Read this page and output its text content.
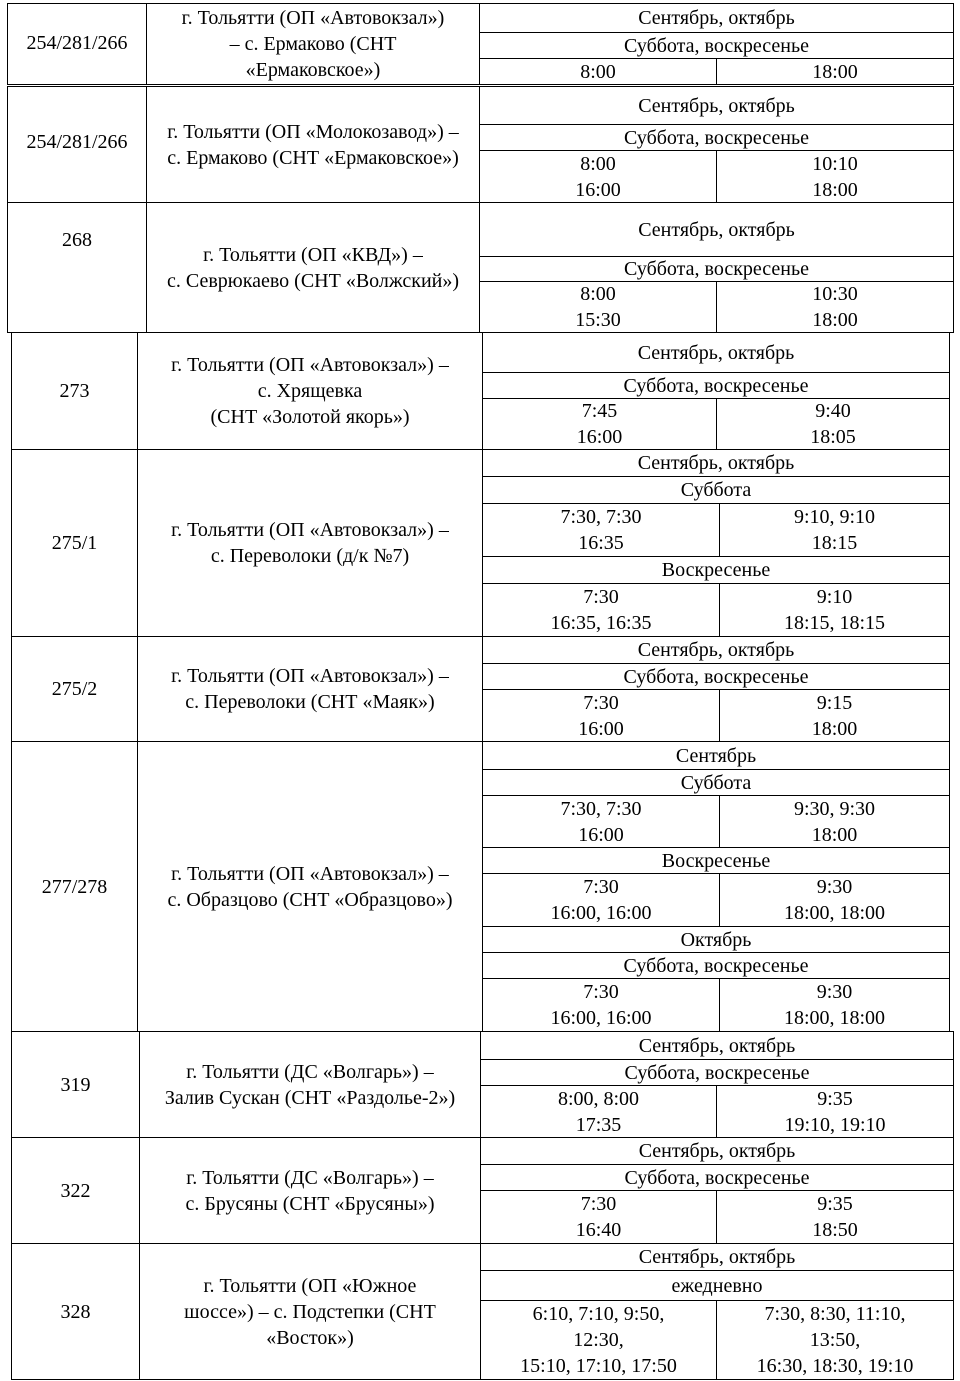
254/281/266
г. Тольятти (ОП «Автовокзал»)
– с. Ермаково (СНТ
«Ермаковское»)
Сентябрь, октябрь
Суббота, воскресенье
8:00	18:00
254/281/266 г. Тольятти (ОП «Молокозавод») –
с. Ермаково (СНТ «Ермаковское»)
Сентябрь, октябрь
Суббота, воскресенье
8:00
16:00
10:10
18:00
268
г. Тольятти (ОП «КВД») –
с. Севрюкаево (СНТ «Волжский»)
Сентябрь, октябрь
Суббота, воскресенье
8:00
15:30
10:30
18:00
273
г. Тольятти (ОП «Автовокзал») –
с. Хрящевка
(СНТ «Золотой якорь»)
Сентябрь, октябрь
Суббота, воскресенье
7:45
16:00
9:40
18:05
275/1
г. Тольятти (ОП «Автовокзал») –
с. Переволоки (д/к №7)
Сентябрь, октябрь
Суббота
7:30, 7:30
16:35
9:10, 9:10
18:15
Воскресенье
7:30
16:35, 16:35
9:10
18:15, 18:15
275/2
г. Тольятти (ОП «Автовокзал») –
с. Переволоки (СНТ «Маяк»)
Сентябрь, октябрь
Суббота, воскресенье
7:30
16:00
9:15
18:00
277/278
г. Тольятти (ОП «Автовокзал») –
с. Образцово (СНТ «Образцово»)
Сентябрь
Суббота
7:30, 7:30
16:00
9:30, 9:30
18:00
Воскресенье
7:30
16:00, 16:00
9:30
18:00, 18:00
Октябрь
Суббота, воскресенье
7:30
16:00, 16:00
9:30
18:00, 18:00
319
г. Тольятти (ДС «Волгарь») –
Залив Сускан (СНТ «Раздолье-2»)
Сентябрь, октябрь
Суббота, воскресенье
8:00, 8:00
17:35
9:35
19:10, 19:10
322
г. Тольятти (ДС «Волгарь») –
с. Брусяны (СНТ «Брусяны»)
Сентябрь, октябрь
Суббота, воскресенье
7:30
16:40
9:35
18:50
328
г. Тольятти (ОП «Южное
шоссе») – с. Подстепки (СНТ
«Восток»)
Сентябрь, октябрь
ежедневно
6:10, 7:10, 9:50,
12:30,
15:10, 17:10, 17:50
7:30, 8:30, 11:10,
13:50,
16:30, 18:30, 19:10
